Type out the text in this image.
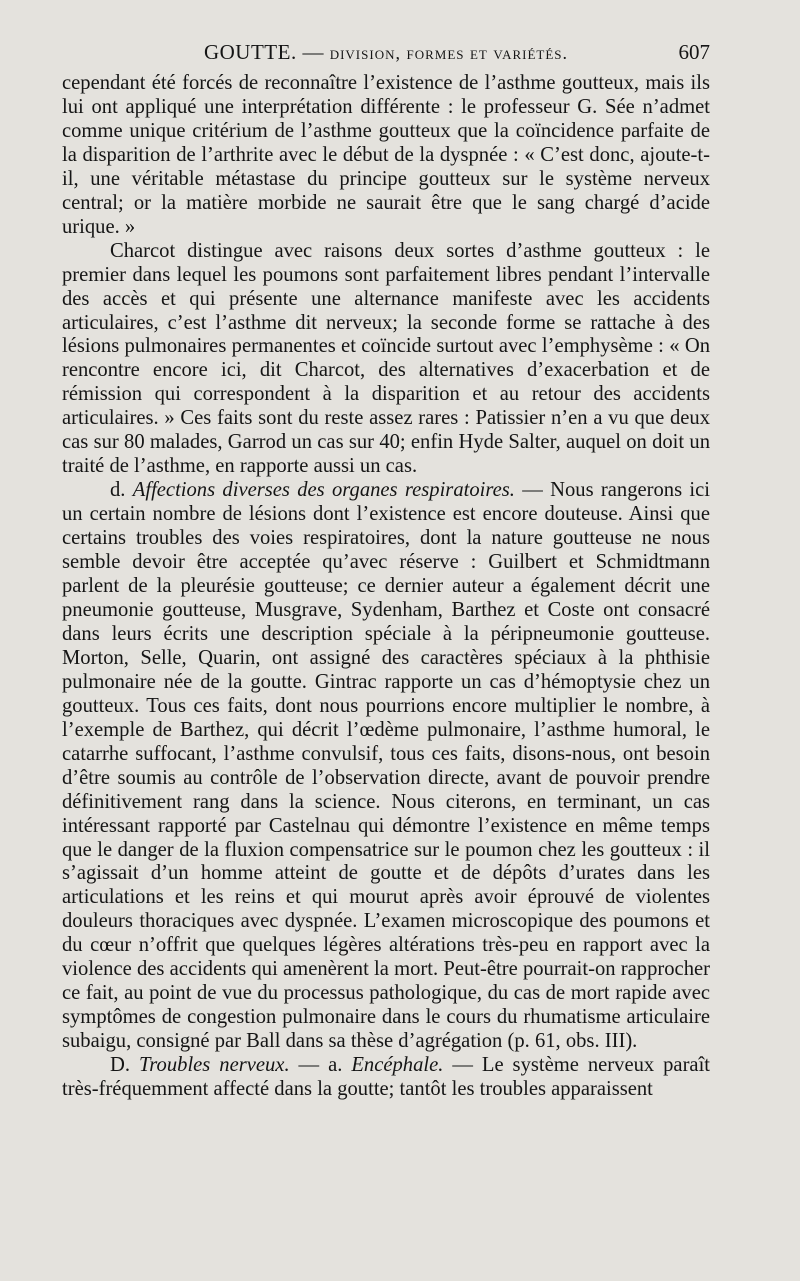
GOUTTE. — division, formes et variétés.	607

cependant été forcés de reconnaître l’existence de l’asthme goutteux, mais ils lui ont appliqué une interprétation différente : le professeur G. Sée n’admet comme unique critérium de l’asthme goutteux que la coïncidence parfaite de la disparition de l’arthrite avec le début de la dyspnée : « C’est donc, ajoute-t-il, une véritable métastase du principe goutteux sur le système nerveux central; or la matière morbide ne saurait être que le sang chargé d’acide urique. »

Charcot distingue avec raisons deux sortes d’asthme goutteux : le premier dans lequel les poumons sont parfaitement libres pendant l’intervalle des accès et qui présente une alternance manifeste avec les accidents articulaires, c’est l’asthme dit nerveux; la seconde forme se rattache à des lésions pulmonaires permanentes et coïncide surtout avec l’emphysème : « On rencontre encore ici, dit Charcot, des alternatives d’exacerbation et de rémission qui correspondent à la disparition et au retour des accidents articulaires. » Ces faits sont du reste assez rares : Patissier n’en a vu que deux cas sur 80 malades, Garrod un cas sur 40; enfin Hyde Salter, auquel on doit un traité de l’asthme, en rapporte aussi un cas.

d. Affections diverses des organes respiratoires. — Nous rangerons ici un certain nombre de lésions dont l’existence est encore douteuse. Ainsi que certains troubles des voies respiratoires, dont la nature goutteuse ne nous semble devoir être acceptée qu’avec réserve : Guilbert et Schmidtmann parlent de la pleurésie goutteuse; ce dernier auteur a également décrit une pneumonie goutteuse, Musgrave, Sydenham, Barthez et Coste ont consacré dans leurs écrits une description spéciale à la péripneumonie goutteuse. Morton, Selle, Quarin, ont assigné des caractères spéciaux à la phthisie pulmonaire née de la goutte. Gintrac rapporte un cas d’hémoptysie chez un goutteux. Tous ces faits, dont nous pourrions encore multiplier le nombre, à l’exemple de Barthez, qui décrit l’œdème pulmonaire, l’asthme humoral, le catarrhe suffocant, l’asthme convulsif, tous ces faits, disons-nous, ont besoin d’être soumis au contrôle de l’observation directe, avant de pouvoir prendre définitivement rang dans la science. Nous citerons, en terminant, un cas intéressant rapporté par Castelnau qui démontre l’existence en même temps que le danger de la fluxion compensatrice sur le poumon chez les goutteux : il s’agissait d’un homme atteint de goutte et de dépôts d’urates dans les articulations et les reins et qui mourut après avoir éprouvé de violentes douleurs thoraciques avec dyspnée. L’examen microscopique des poumons et du cœur n’offrit que quelques légères altérations très-peu en rapport avec la violence des accidents qui amenèrent la mort. Peut-être pourrait-on rapprocher ce fait, au point de vue du processus pathologique, du cas de mort rapide avec symptômes de congestion pulmonaire dans le cours du rhumatisme articulaire subaigu, consigné par Ball dans sa thèse d’agrégation (p. 61, obs. III).

D. Troubles nerveux. — a. Encéphale. — Le système nerveux paraît très-fréquemment affecté dans la goutte; tantôt les troubles apparaissent
